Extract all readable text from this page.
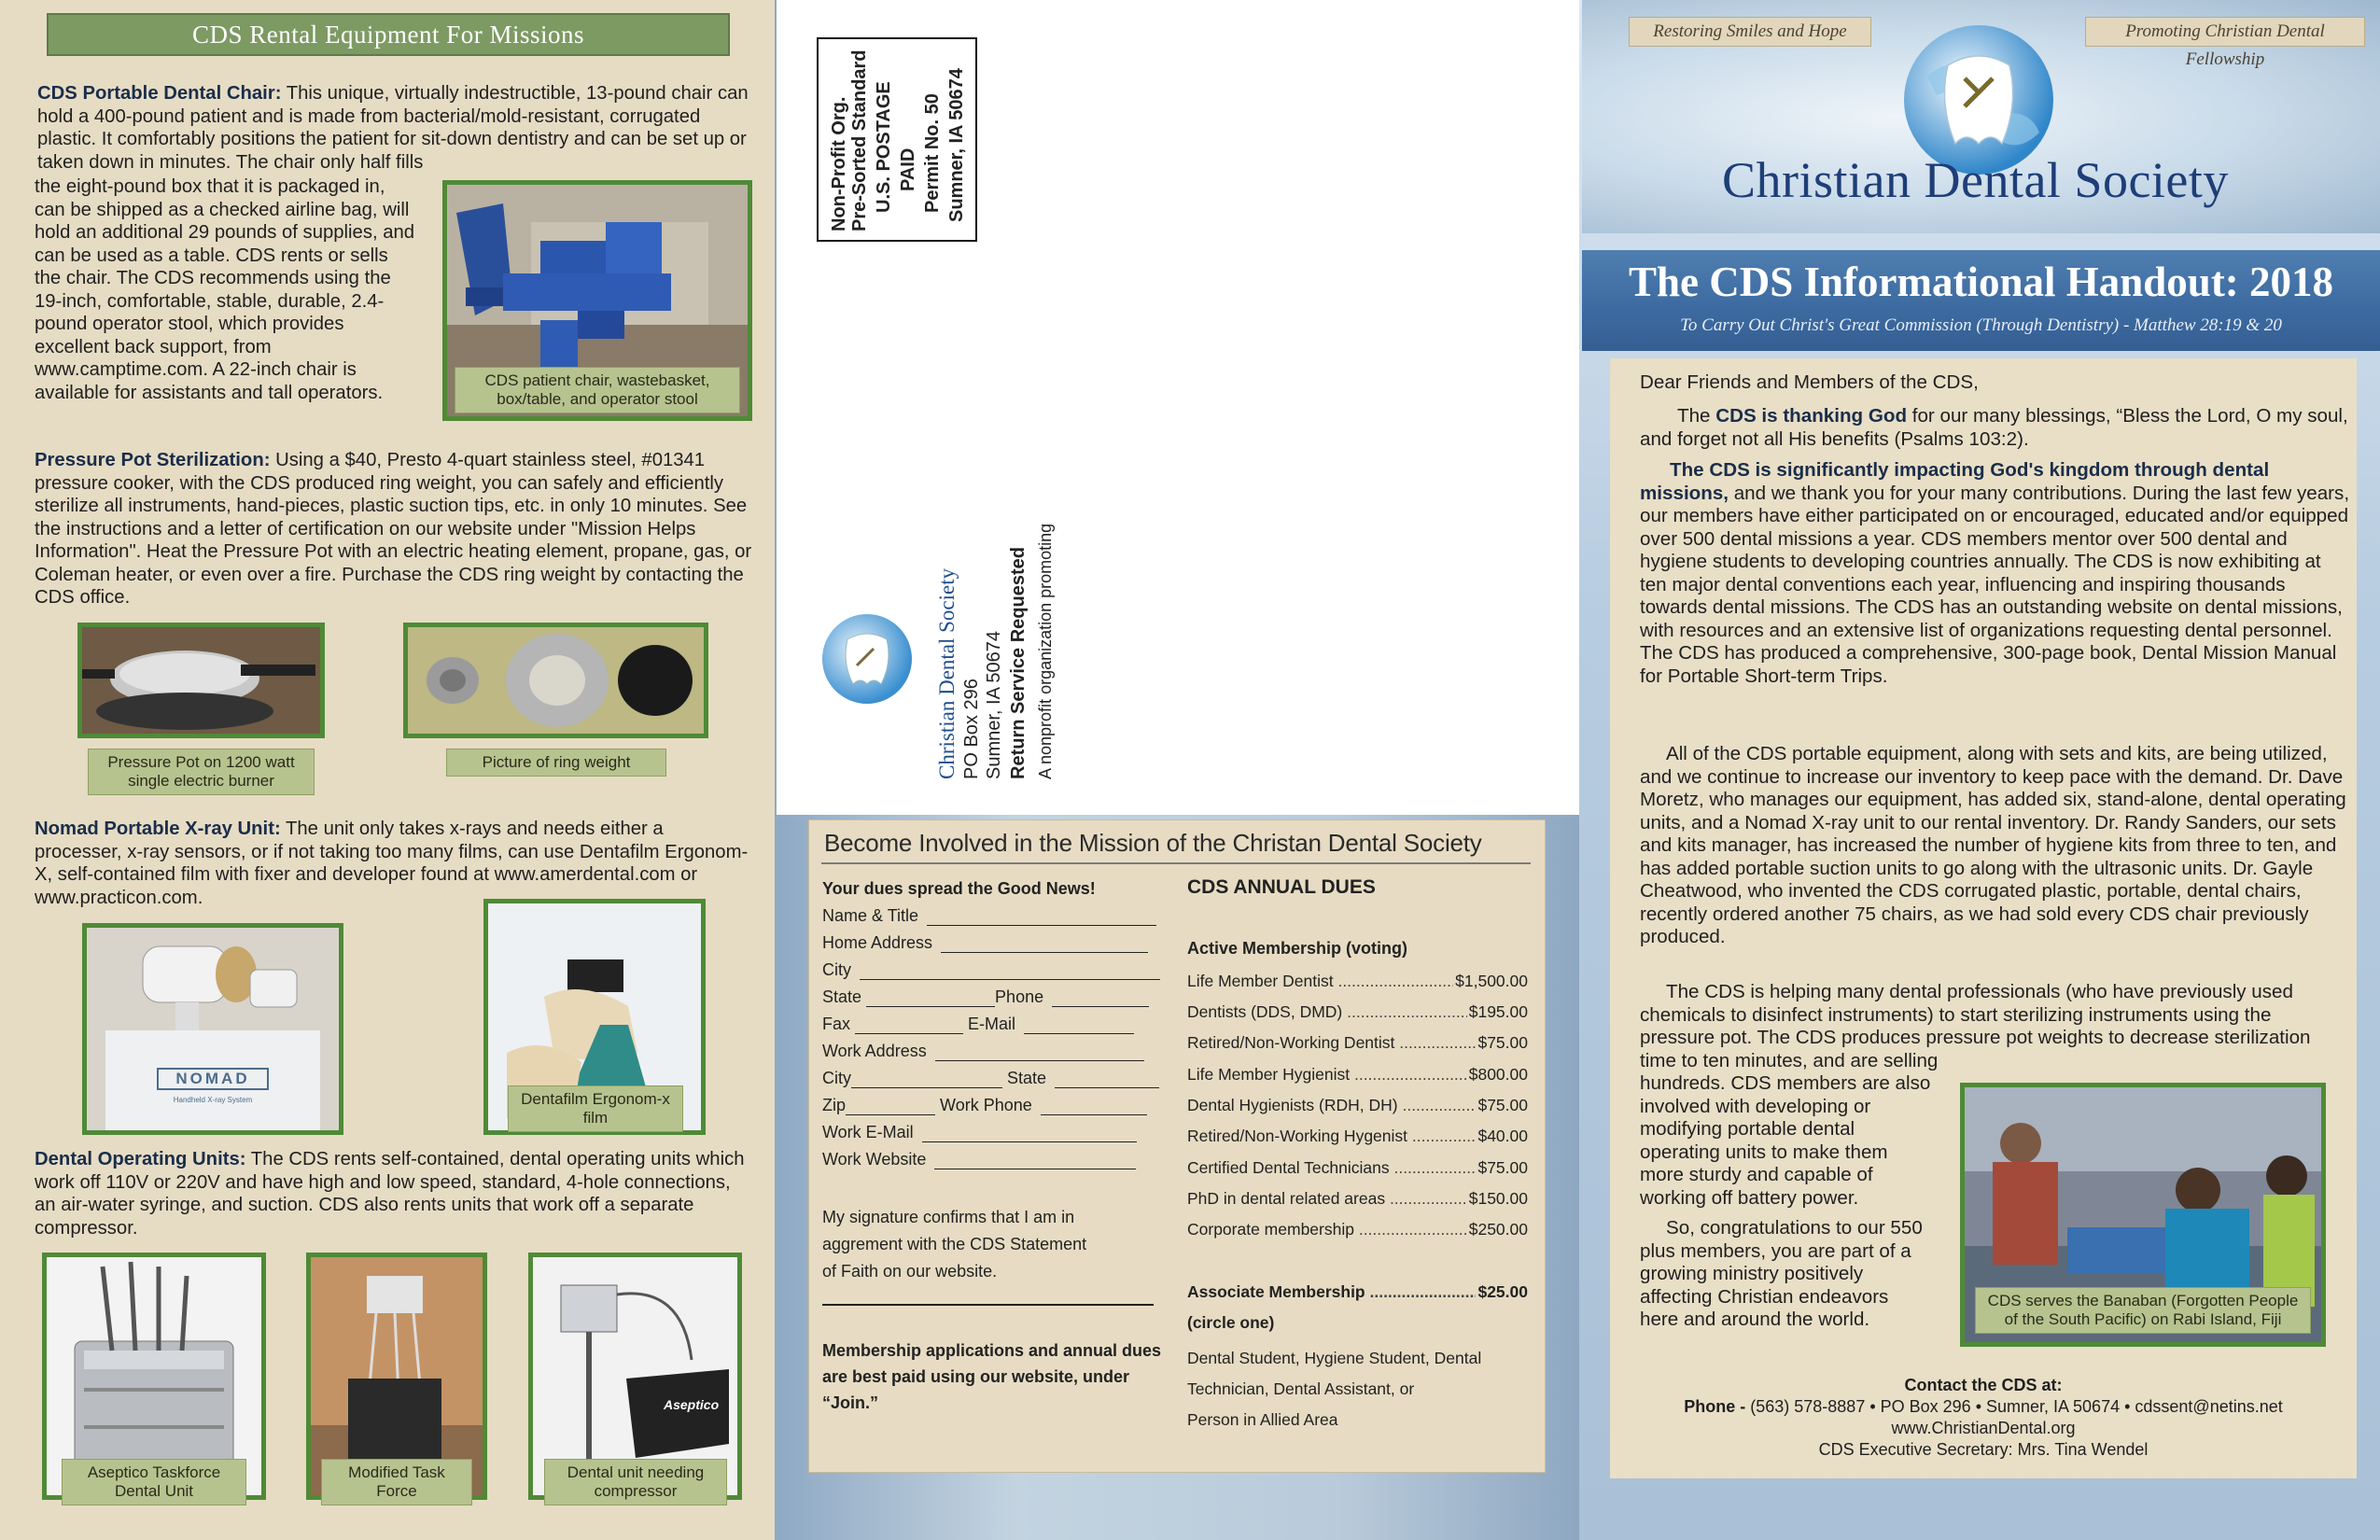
CDS Rental Equipment For Missions
CDS Portable Dental Chair: This unique, virtually indestructible, 13-pound chair can hold a 400-pound patient and is made from bacterial/mold-resistant, corrugated plastic. It comfortably positions the patient for sit-down dentistry and can be set up or taken down in minutes. The chair only half fills
the eight-pound box that it is packaged in, can be shipped as a checked airline bag, will hold an additional 29 pounds of supplies, and can be used as a table. CDS rents or sells the chair. The CDS recommends using the 19-inch, comfortable, stable, durable, 2.4-pound operator stool, which provides excellent back support, from www.camptime.com. A 22-inch chair is available for assistants and tall operators.
CDS patient chair, wastebasket, box/table, and operator stool
Pressure Pot Sterilization: Using a $40, Presto 4-quart stainless steel, #01341 pressure cooker, with the CDS produced ring weight, you can safely and efficiently sterilize all instruments, hand-pieces, plastic suction tips, etc. in only 10 minutes. See the instructions and a letter of certification on our website under "Mission Helps Information". Heat the Pressure Pot with an electric heating element, propane, gas, or Coleman heater, or even over a fire. Purchase the CDS ring weight by contacting the CDS office.
Pressure Pot on 1200 watt single electric burner
Picture of ring weight
Nomad Portable X-ray Unit: The unit only takes x-rays and needs either a processer, x-ray sensors, or if not taking too many films, can use Dentafilm Ergonom-X, self-contained film with fixer and developer found at www.amerdental.com or www.practicon.com.
NOMAD
Handheld X-ray System	Dentafilm Ergonom-x film
Dental Operating Units: The CDS rents self-contained, dental operating units which work off 110V or 220V and have high and low speed, standard, 4-hole connections, an air-water syringe, and suction. CDS also rents units that work off a separate compressor.
Aseptico Taskforce Dental Unit
Modified Task Force
Aseptico
Dental unit needing compressor
Non-Profit Org. Pre-Sorted Standard U.S. POSTAGE PAID Permit No. 50 Sumner, IA 50674
Christian Dental Society PO Box 296 Sumner, IA 50674 Return Service Requested A nonprofit organization promoting
Become Involved in the Mission of the Christan Dental Society
Your dues spread the Good News!
Name & Title
Home Address
City
State	Phone
Fax	E-Mail
Work Address
City	State
Zip	Work Phone
Work E-Mail
Work Website
My signature confirms that I am in
aggrement with the CDS Statement
of Faith on our website.
Membership applications and annual dues
are best paid using our website, under
“Join.”
CDS ANNUAL DUES
Active Membership (voting)
Life Member Dentist .....	$1,500.00
Dentists (DDS, DMD) .....	$195.00
Retired/Non-Working Dentist .....	$75.00
Life Member Hygienist .....	$800.00
Dental Hygienists (RDH, DH) .....	$75.00
Retired/Non-Working Hygenist .....	$40.00
Certified Dental Technicians .....	$75.00
PhD in dental related areas .....	$150.00
Corporate membership .....	$250.00
Associate Membership .....	$25.00
(circle one)
Dental Student, Hygiene Student, Dental
Technician, Dental Assistant, or
Person in Allied Area
Restoring Smiles and Hope	Promoting Christian Dental Fellowship
Christian Dental Society
The CDS Informational Handout: 2018
To Carry Out Christ's Great Commission (Through Dentistry) - Matthew 28:19 & 20
Dear Friends and Members of the CDS,
The CDS is thanking God for our many blessings, “Bless the Lord, O my soul, and forget not all His benefits (Psalms 103:2).
The CDS is significantly impacting God's kingdom through dental missions, and we thank you for your many contributions. During the last few years, our members have either participated on or encouraged, educated and/or equipped over 500 dental missions a year. CDS members mentor over 500 dental and hygiene students to developing countries annually. The CDS is now exhibiting at ten major dental conventions each year, influencing and inspiring thousands towards dental missions. The CDS has an outstanding website on dental missions, with resources and an extensive list of organizations requesting dental personnel. The CDS has produced a comprehensive, 300-page book, Dental Mission Manual for Portable Short-term Trips.
All of the CDS portable equipment, along with sets and kits, are being utilized, and we continue to increase our inventory to keep pace with the demand. Dr. Dave Moretz, who manages our equipment, has added six, stand-alone, dental operating units, and a Nomad X-ray unit to our rental inventory. Dr. Randy Sanders, our sets and kits manager, has increased the number of hygiene kits from three to ten, and has added portable suction units to go along with the ultrasonic units. Dr. Gayle Cheatwood, who invented the CDS corrugated plastic, portable, dental chairs, recently ordered another 75 chairs, as we had sold every CDS chair previously produced.
The CDS is helping many dental professionals (who have previously used chemicals to disinfect instruments) to start sterilizing instruments using the pressure pot. The CDS produces pressure pot weights to decrease sterilization time to ten minutes, and are selling
hundreds. CDS members are also involved with developing or modifying portable dental operating units to make them more sturdy and capable of working off battery power.
So, congratulations to our 550 plus members, you are part of a growing ministry positively affecting Christian endeavors here and around the world.
CDS serves the Banaban (Forgotten People of the South Pacific) on Rabi Island, Fiji
Contact the CDS at:
Phone - (563) 578-8887 • PO Box 296 • Sumner, IA 50674 • cdssent@netins.net
www.ChristianDental.org
CDS Executive Secretary: Mrs. Tina Wendel
